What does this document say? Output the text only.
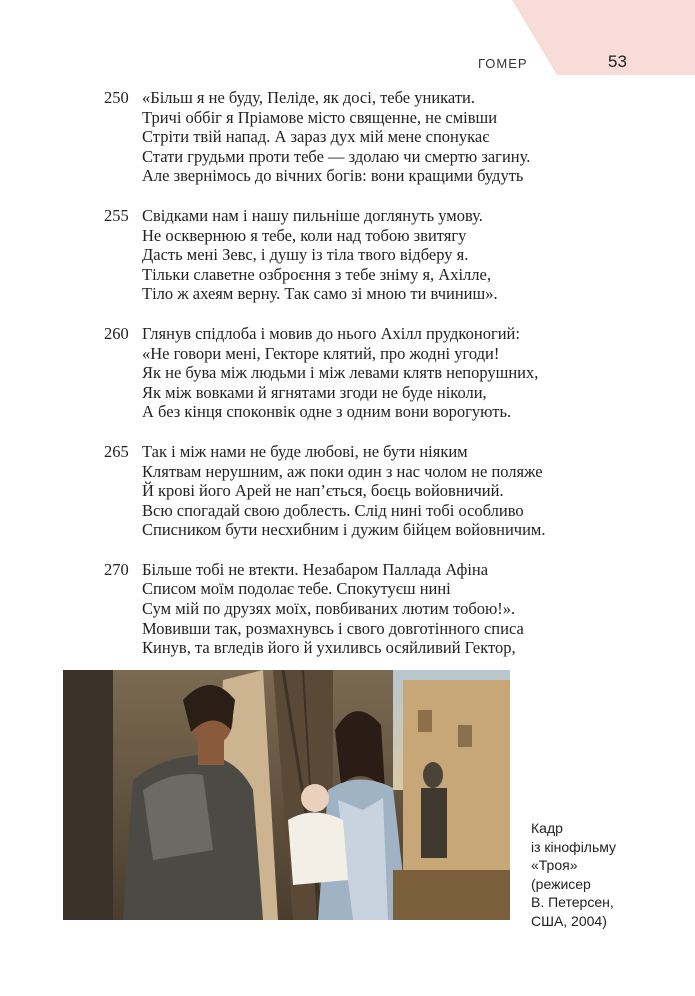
ГОМЕР	53
250 «Більш я не буду, Пеліде, як досі, тебе уникати.
Тричі оббіг я Пріамове місто священне, не смівши
Стріти твій напад. А зараз дух мій мене спонукає
Стати грудьми проти тебе — здолаю чи смертю загину.
Але звернімось до вічних богів: вони кращими будуть
255 Свідками нам і нашу пильніше доглянуть умову.
Не осквернюю я тебе, коли над тобою звитягу
Дасть мені Зевс, і душу із тіла твого відберу я.
Тільки славетне озброєння з тебе зніму я, Ахілле,
Тіло ж ахеям верну. Так само зі мною ти вчиниш».
260 Глянув спідлоба і мовив до нього Ахілл прудконогий:
«Не говори мені, Гекторе клятий, про жодні угоди!
Як не бува між людьми і між левами клятв непорушних,
Як між вовками й ягнятами згоди не буде ніколи,
А без кінця споконвік одне з одним вони ворогують.
265 Так і між нами не буде любові, не бути ніяким
Клятвам нерушним, аж поки один з нас чолом не поляже
Й крові його Арей не нап’ється, боєць войовничий.
Всю спогадай свою доблесть. Слід нині тобі особливо
Списником бути несхибним і дужим бійцем войовничим.
270 Більше тобі не втекти. Незабаром Паллада Афіна
Списом моїм подолає тебе. Спокутуєш нині
Сум мій по друзях моїх, повбиваних лютим тобою!».
Мовивши так, розмахнувсь і свого довготінного списа
Кинув, та вгледів його й ухиливсь осяйливий Гектор,
Кадр
із кінофільму
«Троя»
(режисер
В. Петерсен,
США, 2004)
